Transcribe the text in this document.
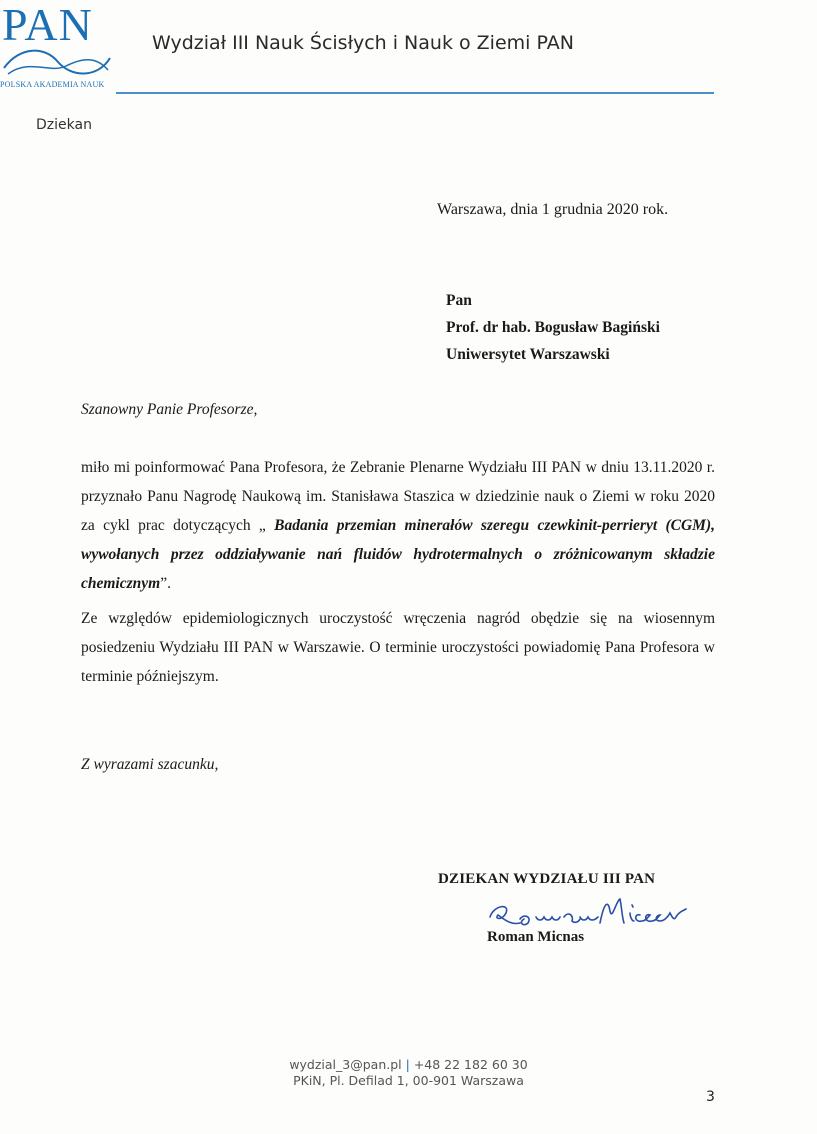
PAN
POLSKA AKADEMIA NAUK
Wydział III Nauk Ścisłych i Nauk o Ziemi PAN
Dziekan
Warszawa, dnia 1 grudnia 2020 rok.
Pan
Prof. dr hab. Bogusław Bagiński
Uniwersytet Warszawski
Szanowny Panie Profesorze,
miło mi poinformować Pana Profesora, że Zebranie Plenarne Wydziału III PAN w dniu 13.11.2020 r. przyznało Panu Nagrodę Naukową im. Stanisława Staszica w dziedzinie nauk o Ziemi w roku 2020 za cykl prac dotyczących „ Badania przemian minerałów szeregu czewkinit-perrieryt (CGM), wywołanych przez oddziaływanie nań fluidów hydrotermalnych o zróżnicowanym składzie chemicznym”.
Ze względów epidemiologicznych uroczystość wręczenia nagród obędzie się na wiosennym posiedzeniu Wydziału III PAN w Warszawie. O terminie uroczystości powiadomię Pana Profesora w terminie późniejszym.
Z wyrazami szacunku,
DZIEKAN WYDZIAŁU III PAN
Roman Micnas
wydzial_3@pan.pl | +48 22 182 60 30
PKiN, Pl. Defilad 1, 00-901 Warszawa
3
